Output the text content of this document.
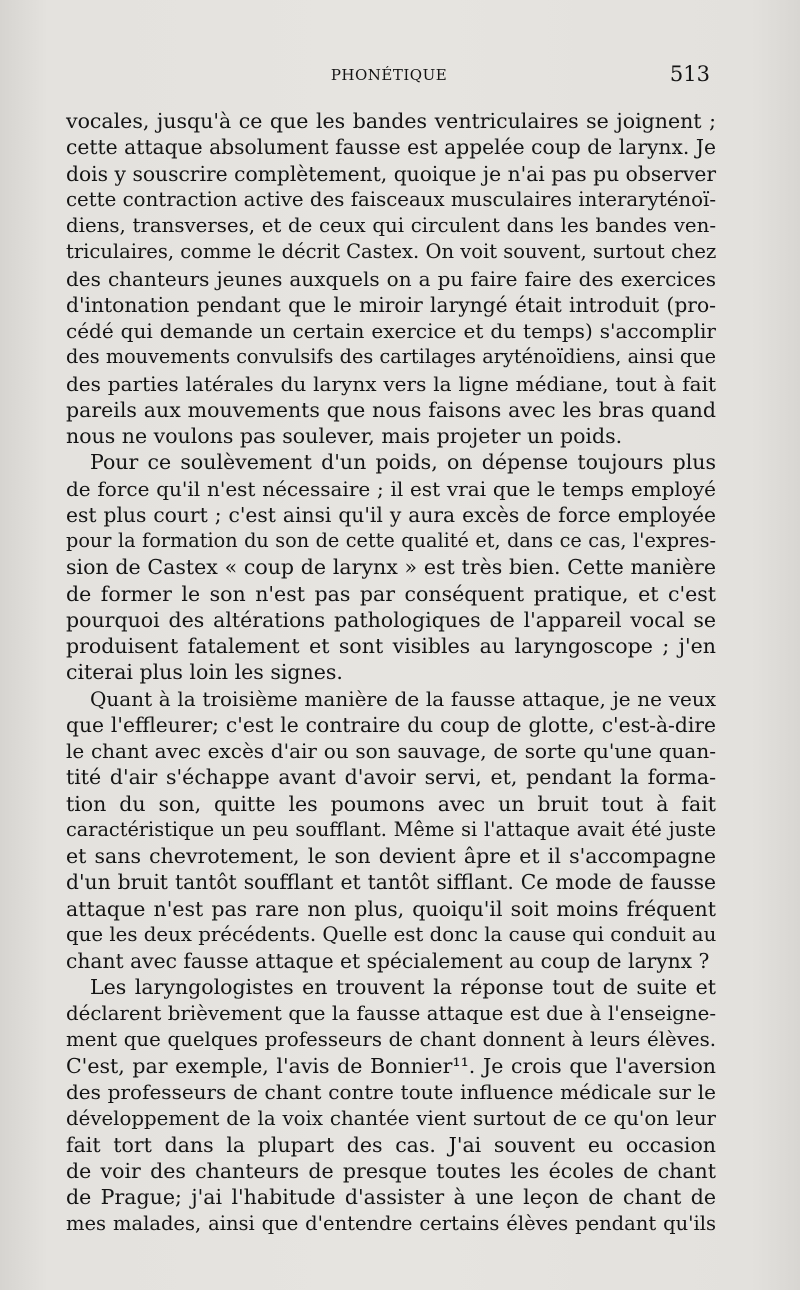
PHONÉTIQUE	513
vocales, jusqu'à ce que les bandes ventriculaires se joignent ;
cette attaque absolument fausse est appelée coup de larynx. Je
dois y souscrire complètement, quoique je n'ai pas pu observer
cette contraction active des faisceaux musculaires interaryténoï-
diens, transverses, et de ceux qui circulent dans les bandes ven-
triculaires, comme le décrit Castex. On voit souvent, surtout chez
des chanteurs jeunes auxquels on a pu faire faire des exercices
d'intonation pendant que le miroir laryngé était introduit (pro-
cédé qui demande un certain exercice et du temps) s'accomplir
des mouvements convulsifs des cartilages aryténoïdiens, ainsi que
des parties latérales du larynx vers la ligne médiane, tout à fait
pareils aux mouvements que nous faisons avec les bras quand
nous ne voulons pas soulever, mais projeter un poids.
Pour ce soulèvement d'un poids, on dépense toujours plus
de force qu'il n'est nécessaire ; il est vrai que le temps employé
est plus court ; c'est ainsi qu'il y aura excès de force employée
pour la formation du son de cette qualité et, dans ce cas, l'expres-
sion de Castex « coup de larynx » est très bien. Cette manière
de former le son n'est pas par conséquent pratique, et c'est
pourquoi des altérations pathologiques de l'appareil vocal se
produisent fatalement et sont visibles au laryngoscope ; j'en
citerai plus loin les signes.
Quant à la troisième manière de la fausse attaque, je ne veux
que l'effleurer; c'est le contraire du coup de glotte, c'est-à-dire
le chant avec excès d'air ou son sauvage, de sorte qu'une quan-
tité d'air s'échappe avant d'avoir servi, et, pendant la forma-
tion du son, quitte les poumons avec un bruit tout à fait
caractéristique un peu soufflant. Même si l'attaque avait été juste
et sans chevrotement, le son devient âpre et il s'accompagne
d'un bruit tantôt soufflant et tantôt sifflant. Ce mode de fausse
attaque n'est pas rare non plus, quoiqu'il soit moins fréquent
que les deux précédents. Quelle est donc la cause qui conduit au
chant avec fausse attaque et spécialement au coup de larynx ?
Les laryngologistes en trouvent la réponse tout de suite et
déclarent brièvement que la fausse attaque est due à l'enseigne-
ment que quelques professeurs de chant donnent à leurs élèves.
C'est, par exemple, l'avis de Bonnier¹¹. Je crois que l'aversion
des professeurs de chant contre toute influence médicale sur le
développement de la voix chantée vient surtout de ce qu'on leur
fait tort dans la plupart des cas. J'ai souvent eu occasion
de voir des chanteurs de presque toutes les écoles de chant
de Prague; j'ai l'habitude d'assister à une leçon de chant de
mes malades, ainsi que d'entendre certains élèves pendant qu'ils
